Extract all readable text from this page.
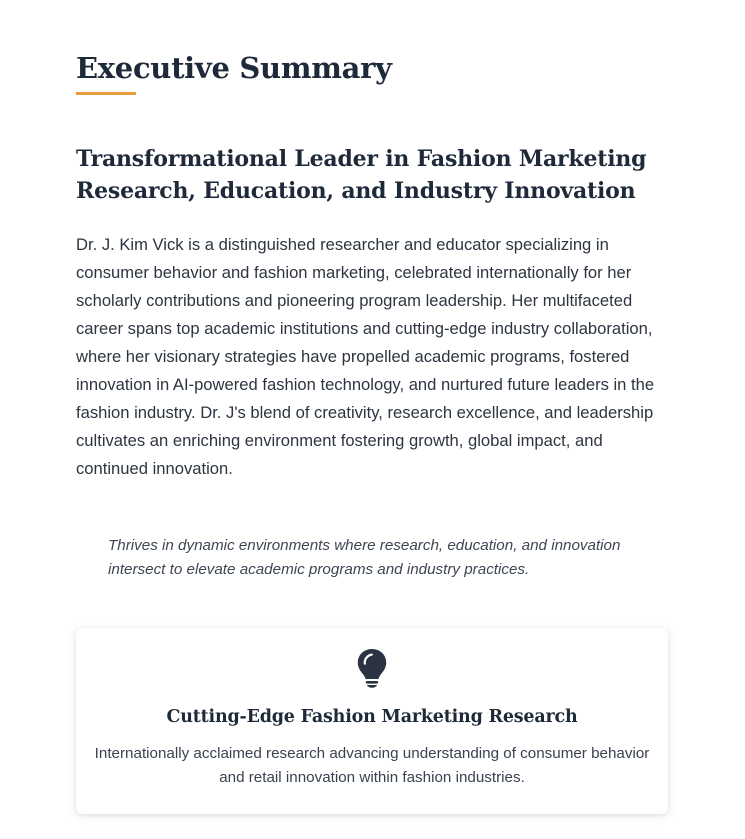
Executive Summary
Transformational Leader in Fashion Marketing Research, Education, and Industry Innovation

Dr. J. Kim Vick is a distinguished researcher and educator specializing in consumer behavior and fashion marketing, celebrated internationally for her scholarly contributions and pioneering program leadership. Her multifaceted career spans top academic institutions and cutting-edge industry collaboration, where her visionary strategies have propelled academic programs, fostered innovation in AI-powered fashion technology, and nurtured future leaders in the fashion industry. Dr. J's blend of creativity, research excellence, and leadership cultivates an enriching environment fostering growth, global impact, and continued innovation.

Thrives in dynamic environments where research, education, and innovation intersect to elevate academic programs and industry practices.

Cutting-Edge Fashion Marketing Research

Internationally acclaimed research advancing understanding of consumer behavior and retail innovation within fashion industries.
